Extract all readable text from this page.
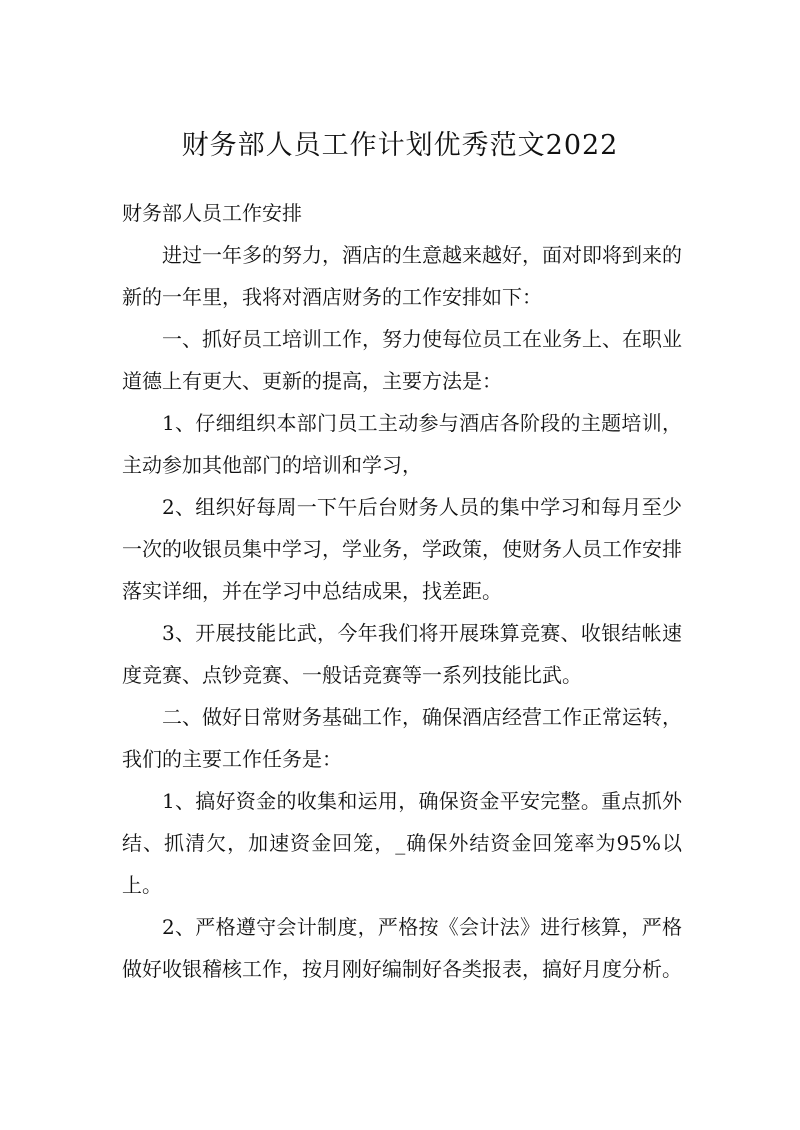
财务部人员工作计划优秀范文2022

财务部人员工作安排

进过一年多的努力，酒店的生意越来越好，面对即将到来的新的一年里，我将对酒店财务的工作安排如下：

一、抓好员工培训工作，努力使每位员工在业务上、在职业道德上有更大、更新的提高，主要方法是：

1、仔细组织本部门员工主动参与酒店各阶段的主题培训，主动参加其他部门的培训和学习，

2、组织好每周一下午后台财务人员的集中学习和每月至少一次的收银员集中学习，学业务，学政策，使财务人员工作安排落实详细，并在学习中总结成果，找差距。

3、开展技能比武，今年我们将开展珠算竞赛、收银结帐速度竞赛、点钞竞赛、一般话竞赛等一系列技能比武。

二、做好日常财务基础工作，确保酒店经营工作正常运转，我们的主要工作任务是：

1、搞好资金的收集和运用，确保资金平安完整。重点抓外结、抓清欠，加速资金回笼，_确保外结资金回笼率为95%以上。

2、严格遵守会计制度，严格按《会计法》进行核算，严格做好收银稽核工作，按月刚好编制好各类报表，搞好月度分析。
